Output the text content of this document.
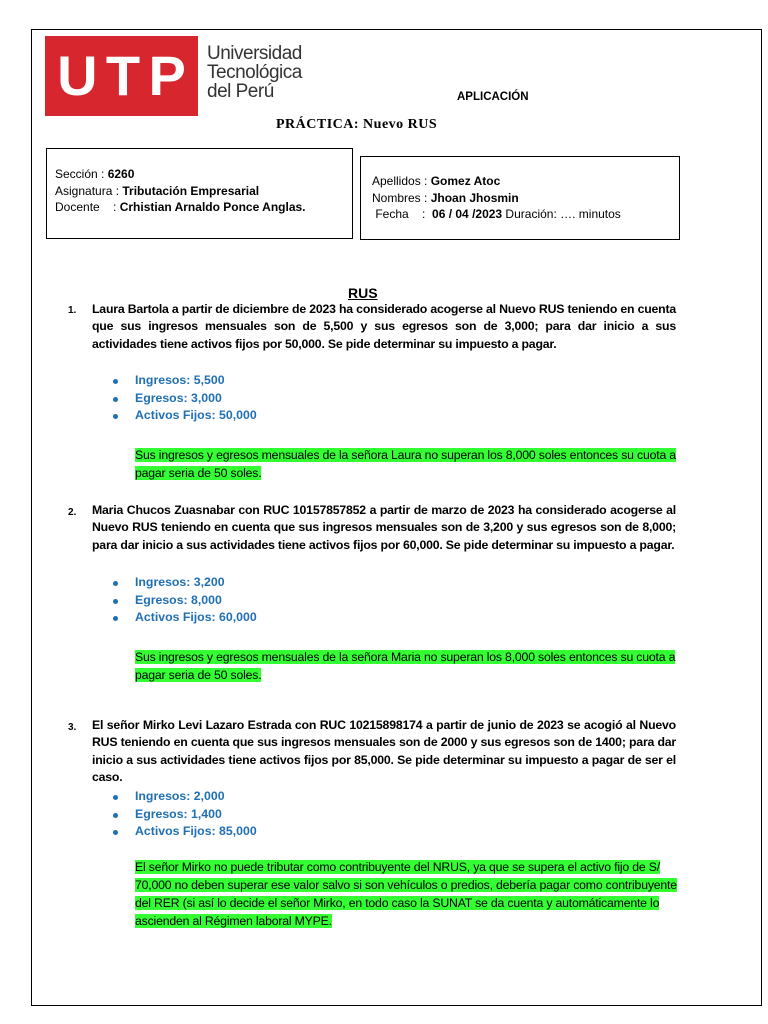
U T P Universidad
Tecnológica
del Perú	APLICACIÓN
PRÁCTICA: Nuevo RUS
Sección : 6260
Asignatura : Tributación Empresarial
Docente    : Crhistian Arnaldo Ponce Anglas.
Apellidos : Gomez Atoc
Nombres : Jhoan Jhosmin
Fecha    :  06 / 04 /2023 Duración: …. minutos
RUS
1. Laura Bartola a partir de diciembre de 2023 ha considerado acogerse al Nuevo RUS teniendo en cuenta que sus ingresos mensuales son de 5,500 y sus egresos son de 3,000; para dar inicio a sus actividades tiene activos fijos por 50,000. Se pide determinar su impuesto a pagar.
Ingresos: 5,500
Egresos: 3,000
Activos Fijos: 50,000
Sus ingresos y egresos mensuales de la señora Laura no superan los 8,000 soles entonces su cuota a pagar seria de 50 soles.
2. Maria Chucos Zuasnabar con RUC 10157857852 a partir de marzo de 2023 ha considerado acogerse al Nuevo RUS teniendo en cuenta que sus ingresos mensuales son de 3,200 y sus egresos son de 8,000; para dar inicio a sus actividades tiene activos fijos por 60,000. Se pide determinar su impuesto a pagar.
Ingresos: 3,200
Egresos: 8,000
Activos Fijos: 60,000
Sus ingresos y egresos mensuales de la señora Maria no superan los 8,000 soles entonces su cuota a pagar seria de 50 soles.
3. El señor Mirko Levi Lazaro Estrada con RUC 10215898174 a partir de junio de 2023 se acogió al Nuevo RUS teniendo en cuenta que sus ingresos mensuales son de 2000 y sus egresos son de 1400; para dar inicio a sus actividades tiene activos fijos por 85,000. Se pide determinar su impuesto a pagar de ser el caso.
Ingresos: 2,000
Egresos: 1,400
Activos Fijos: 85,000
El señor Mirko no puede tributar como contribuyente del NRUS, ya que se supera el activo fijo de S/ 70,000 no deben superar ese valor salvo si son vehículos o predios, debería pagar como contribuyente del RER (si así lo decide el señor Mirko, en todo caso la SUNAT se da cuenta y automáticamente lo ascienden al Régimen laboral MYPE.
